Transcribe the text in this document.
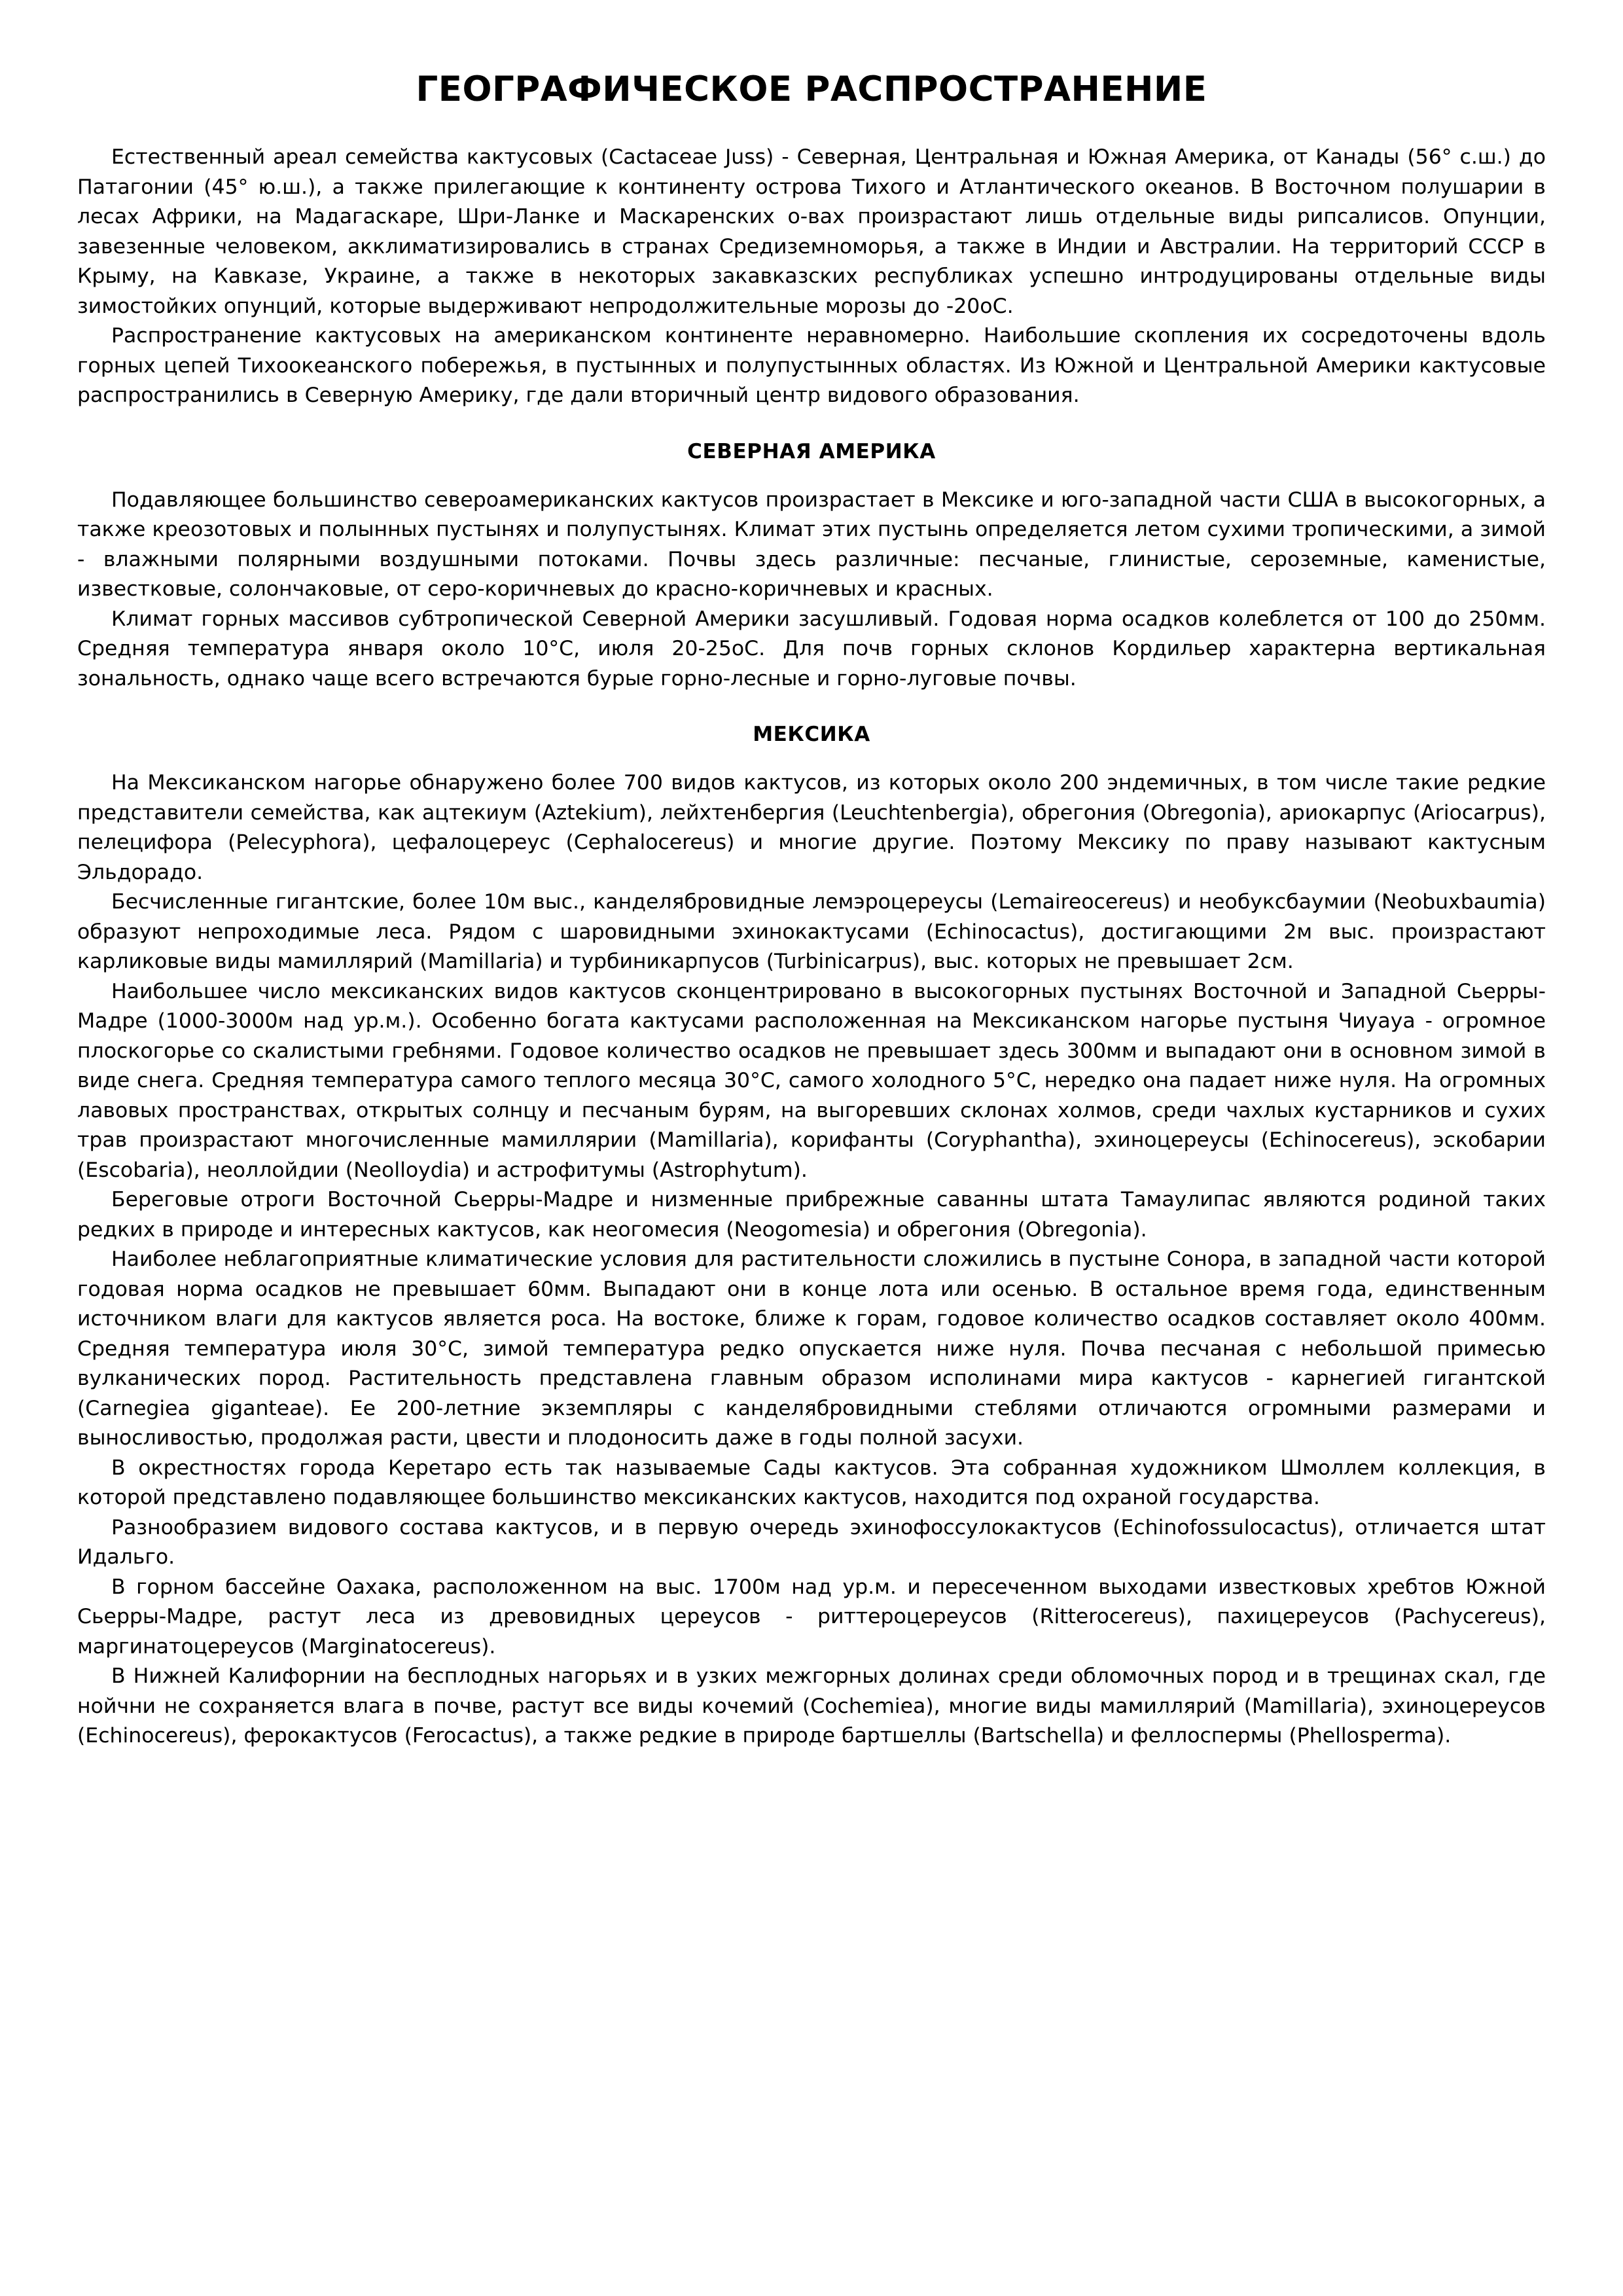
ГЕОГРАФИЧЕСКОЕ РАСПРОСТРАНЕНИЕ

Естественный ареал семейства кактусовых (Cactaceae Juss) - Северная, Центральная и Южная Америка, от Канады (56° с.ш.) до Патагонии (45° ю.ш.), а также прилегающие к континенту острова Тихого и Атлантического океанов. В Восточном полушарии в лесах Африки, на Мадагаскаре, Шри-Ланке и Маскаренских о-вах произрастают лишь отдельные виды рипсалисов. Опунции, завезенные человеком, акклиматизировались в странах Средиземноморья, а также в Индии и Австралии. На территорий СССР в Крыму, на Кавказе, Украине, а также в некоторых закавказских республиках успешно интродуцированы отдельные виды зимостойких опунций, которые выдерживают непродолжительные морозы до -20оС.

Распространение кактусовых на американском континенте неравномерно. Наибольшие скопления их сосредоточены вдоль горных цепей Тихоокеанского побережья, в пустынных и полупустынных областях. Из Южной и Центральной Америки кактусовые распространились в Северную Америку, где дали вторичный центр видового образования.

СЕВЕРНАЯ АМЕРИКА

Подавляющее большинство североамериканских кактусов произрастает в Мексике и юго-западной части США в высокогорных, а также креозотовых и полынных пустынях и полупустынях. Климат этих пустынь определяется летом сухими тропическими, а зимой - влажными полярными воздушными потоками. Почвы здесь различные: песчаные, глинистые, сероземные, каменистые, известковые, солончаковые, от серо-коричневых до красно-коричневых и красных.

Климат горных массивов субтропической Северной Америки засушливый. Годовая норма осадков колеблется от 100 до 250мм. Средняя температура января около 10°С, июля 20-25оС. Для почв горных склонов Кордильер характерна вертикальная зональность, однако чаще всего встречаются бурые горно-лесные и горно-луговые почвы.

МЕКСИКА

На Мексиканском нагорье обнаружено более 700 видов кактусов, из которых около 200 эндемичных, в том числе такие редкие представители семейства, как ацтекиум (Aztekium), лейхтенбергия (Leuchtenbergia), обрегония (Obregonia), ариокарпус (Ariocarpus), пелецифора (Pelecyphora), цефалоцереус (Cephalocereus) и многие другие. Поэтому Мексику по праву называют кактусным Эльдорадо.

Бесчисленные гигантские, более 10м выс., канделябровидные лемэроцереусы (Lemaireocereus) и необуксбаумии (Neobuxbaumia) образуют непроходимые леса. Рядом с шаровидными эхинокактусами (Echinocactus), достигающими 2м выс. произрастают карликовые виды мамиллярий (Mamillaria) и турбиникарпусов (Turbinicarpus), выс. которых не превышает 2см.

Наибольшее число мексиканских видов кактусов сконцентрировано в высокогорных пустынях Восточной и Западной Сьерры-Мадре (1000-3000м над ур.м.). Особенно богата кактусами расположенная на Мексиканском нагорье пустыня Чиуауа - огромное плоскогорье со скалистыми гребнями. Годовое количество осадков не превышает здесь 300мм и выпадают они в основном зимой в виде снега. Средняя температура самого теплого месяца 30°С, самого холодного 5°С, нередко она падает ниже нуля. На огромных лавовых пространствах, открытых солнцу и песчаным бурям, на выгоревших склонах холмов, среди чахлых кустарников и сухих трав произрастают многочисленные мамиллярии (Mamillaria), корифанты (Coryphantha), эхиноцереусы (Echinocereus), эскобарии (Escobaria), неоллойдии (Neolloydia) и астрофитумы (Astrophytum).

Береговые отроги Восточной Сьерры-Мадре и низменные прибрежные саванны штата Тамаулипас являются родиной таких редких в природе и интересных кактусов, как неогомесия (Neogomesia) и обрегония (Obregonia).

Наиболее неблагоприятные климатические условия для растительности сложились в пустыне Сонора, в западной части которой годовая норма осадков не превышает 60мм. Выпадают они в конце лота или осенью. В остальное время года, единственным источником влаги для кактусов является роса. На востоке, ближе к горам, годовое количество осадков составляет около 400мм. Средняя температура июля 30°С, зимой температура редко опускается ниже нуля. Почва песчаная с небольшой примесью вулканических пород. Растительность представлена главным образом исполинами мира кактусов - карнегией гигантской (Carnegiea giganteae). Ее 200-летние экземпляры с канделябровидными стеблями отличаются огромными размерами и выносливостью, продолжая расти, цвести и плодоносить даже в годы полной засухи.

В окрестностях города Керетаро есть так называемые Сады кактусов. Эта собранная художником Шмоллем коллекция, в которой представлено подавляющее большинство мексиканских кактусов, находится под охраной государства.

Разнообразием видового состава кактусов, и в первую очередь эхинофоссулокактусов (Echinofossulocactus), отличается штат Идальго.

В горном бассейне Оахака, расположенном на выс. 1700м над ур.м. и пересеченном выходами известковых хребтов Южной Сьерры-Мадре, растут леса из древовидных цереусов - риттероцереусов (Ritterocereus), пахицереусов (Pachycereus), маргинатоцереусов (Marginatocereus).

В Нижней Калифорнии на бесплодных нагорьях и в узких межгорных долинах среди обломочных пород и в трещинах скал, где нойчни не сохраняется влага в почве, растут все виды кочемий (Cochemiea), многие виды мамиллярий (Mamillaria), эхиноцереусов (Echinocereus), ферокактусов (Ferocactus), а также редкие в природе бартшеллы (Bartschella) и феллоспермы (Phellosperma).
